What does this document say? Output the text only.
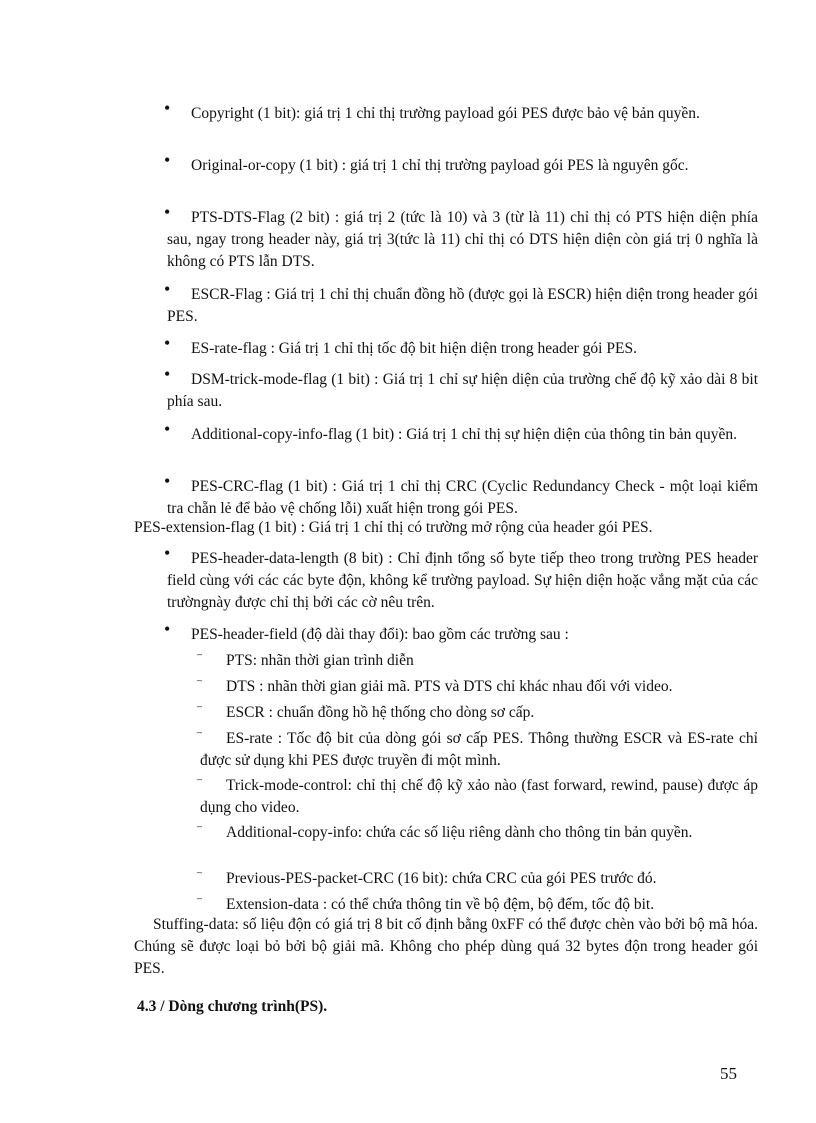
•	Copyright (1 bit): giá trị 1 chỉ thị trường payload gói PES được bảo vệ bản quyền.
•	Original-or-copy (1 bit) : giá trị 1 chỉ thị trường payload gói PES là nguyên gốc.
•	PTS-DTS-Flag (2 bit) : giá trị 2 (tức là 10) và 3 (từ là 11) chỉ thị có PTS hiện diện phía sau, ngay trong header này, giá trị 3(tức là 11) chỉ thị có DTS hiện diện còn giá trị 0 nghĩa là không có PTS lẫn DTS.
•	ESCR-Flag : Giá trị 1 chỉ thị chuẩn đồng hồ (được gọi là ESCR) hiện diện trong header gói PES.
•	ES-rate-flag : Giá trị 1 chỉ thị tốc độ bit hiện diện trong header gói PES.
•	DSM-trick-mode-flag (1 bit) : Giá trị 1 chỉ sự hiện diện của trường chế độ kỹ xảo dài 8 bit phía sau.
•	Additional-copy-info-flag (1 bit) : Giá trị 1 chỉ thị sự hiện diện của thông tin bản quyền.
•	PES-CRC-flag (1 bit) : Giá trị 1 chỉ thị CRC (Cyclic Redundancy Check - một loại kiểm tra chẵn lẻ để bảo vệ chống lỗi) xuất hiện trong gói PES.
PES-extension-flag (1 bit) : Giá trị 1 chỉ thị có trường mở rộng của header gói PES.
•	PES-header-data-length (8 bit) : Chỉ định tổng số byte tiếp theo trong trường PES header field cùng với các các byte độn, không kể trường payload. Sự hiện diện hoặc vắng mặt của các trườngnày được chỉ thị bởi các cờ nêu trên.
•	PES-header-field (độ dài thay đổi): bao gồm các trường sau :
⁻	PTS: nhãn thời gian trình diễn
⁻	DTS : nhãn thời gian giải mã. PTS và DTS chỉ khác nhau đối với video.
⁻	ESCR : chuẩn đồng hồ hệ thống cho dòng sơ cấp.
⁻	ES-rate : Tốc độ bit của dòng gói sơ cấp PES. Thông thường ESCR và ES-rate chỉ được sử dụng khi PES được truyền đi một mình.
⁻	Trick-mode-control: chỉ thị chế độ kỹ xảo nào (fast forward, rewind, pause) được áp dụng cho video.
⁻	Additional-copy-info: chứa các số liệu riêng dành cho thông tin bản quyền.
⁻	Previous-PES-packet-CRC (16 bit): chứa CRC của gói PES trước đó.
⁻	Extension-data : có thể chứa thông tin về bộ đệm, bộ đếm, tốc độ bit.
Stuffing-data: số liệu độn có giá trị 8 bit cố định bằng 0xFF có thể được chèn vào bởi bộ mã hóa. Chúng sẽ được loại bỏ bởi bộ giải mã. Không cho phép dùng quá 32 bytes độn trong header gói PES.
4.3 / Dòng chương trình(PS).
55
